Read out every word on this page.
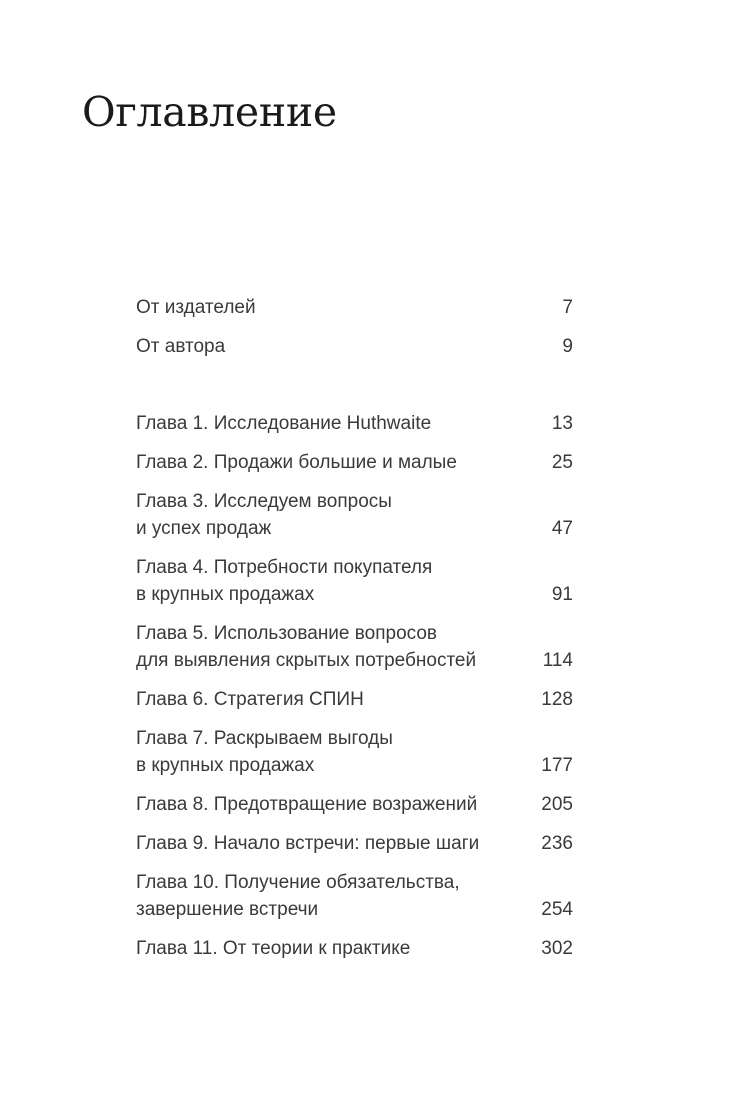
Оглавление
От издателей	7
От автора	9
Глава 1. Исследование Huthwaite	13
Глава 2. Продажи большие и малые	25
Глава 3. Исследуем вопросы
и успех продаж	47
Глава 4. Потребности покупателя
в крупных продажах	91
Глава 5. Использование вопросов
для выявления скрытых потребностей	114
Глава 6. Стратегия СПИН	128
Глава 7. Раскрываем выгоды
в крупных продажах	177
Глава 8. Предотвращение возражений	205
Глава 9. Начало встречи: первые шаги	236
Глава 10. Получение обязательства,
завершение встречи	254
Глава 11. От теории к практике	302
